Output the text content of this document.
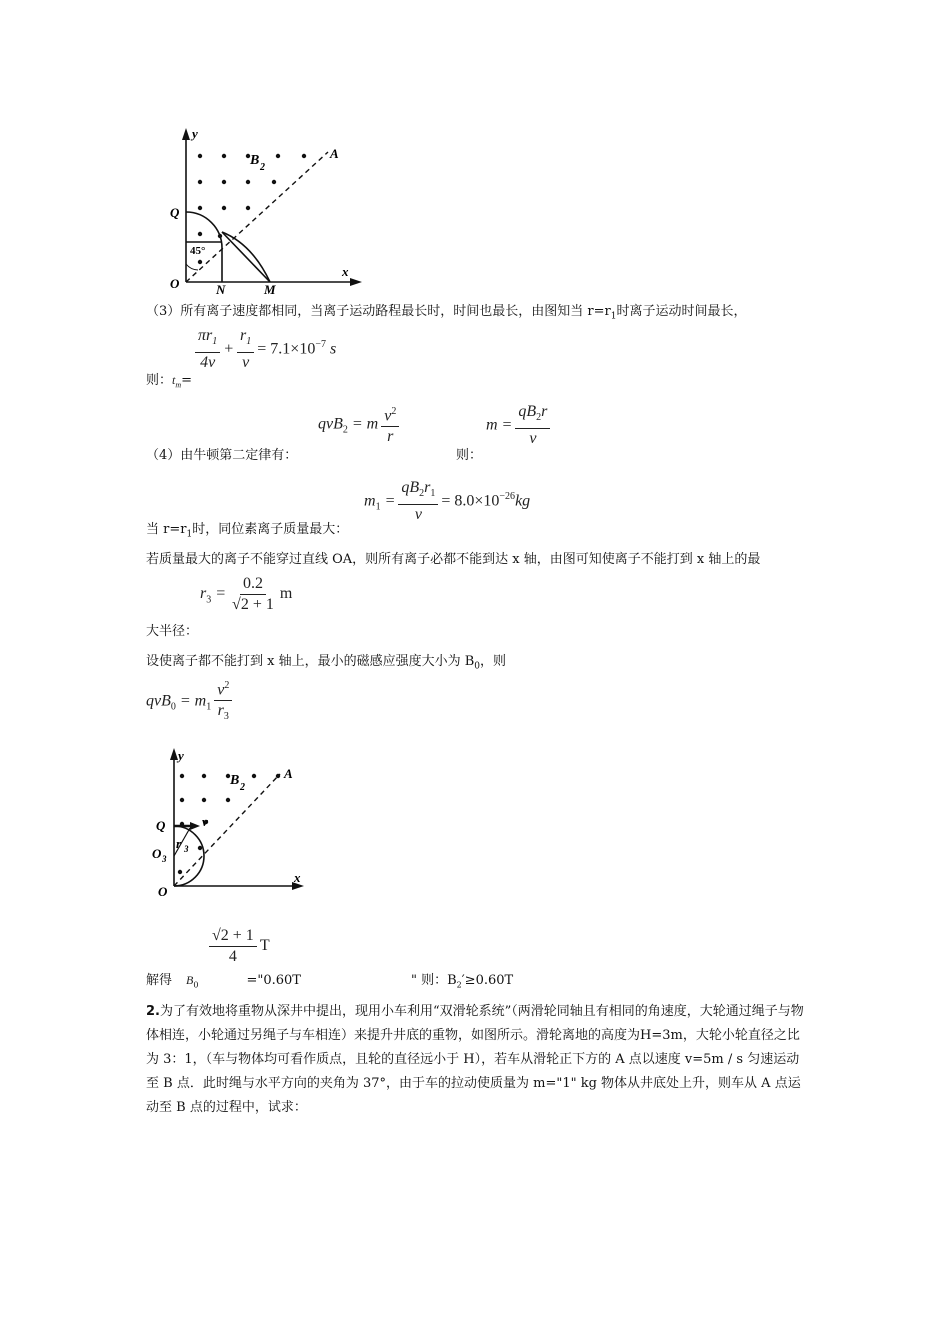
y
x
B 2
A
Q
O	N	M
45°
（3）所有离子速度都相同，当离子运动路程最长时，时间也最长，由图知当 $r=r_1$时离子运动时间最长，
$\frac{\pi r_1}{4v} + \frac{r_1}{v} = 7.1\times 10^{-7}$ s
则：$t_m=$
qvB$_2$ = m $\frac{v^2}{r}$	$m = \frac{qB_2r}{v}$
（4）由牛顿第二定律有：	则：
$m_1 = \frac{qB_2r_1}{v} = 8.0\times 10^{-26}kg$
当 $r=r_1$时，同位素离子质量最大：
若质量最大的离子不能穿过直线 OA，则所有离子必都不能到达 x 轴，由图可知使离子不能打到 x 轴上的最
$r_3 = \frac{0.2}{√2 + 1}$ m
大半径：
设使离子都不能打到 x 轴上，最小的磁感应强度大小为 $B_0$，则
$qvB_0 = m_1 \frac{v^2}{r_3}$
y
x
B 2
A
Q	v
r 3
O 3
O
$\frac{√2 + 1}{4}$ T
解得 $B_0$	="0.60T	" 则：$B_2'\ge 0.60T$
2.为了有效地将重物从深井中提出，现用小车利用“双滑轮系统”（两滑轮同轴且有相同的角速度，大轮通过绳子与物体相连，小轮通过另绳子与车相连）来提升井底的重物，如图所示。滑轮离地的高度为H=3m，大轮小轮直径之比为 3：1，（车与物体均可看作质点，且轮的直径远小于 H），若车从滑轮正下方的 A 点以速度 v=5m / s 匀速运动至 B 点．此时绳与水平方向的夹角为 37°，由于车的拉动使质量为 m="1" kg 物体从井底处上升，则车从 A 点运动至 B 点的过程中，试求：
